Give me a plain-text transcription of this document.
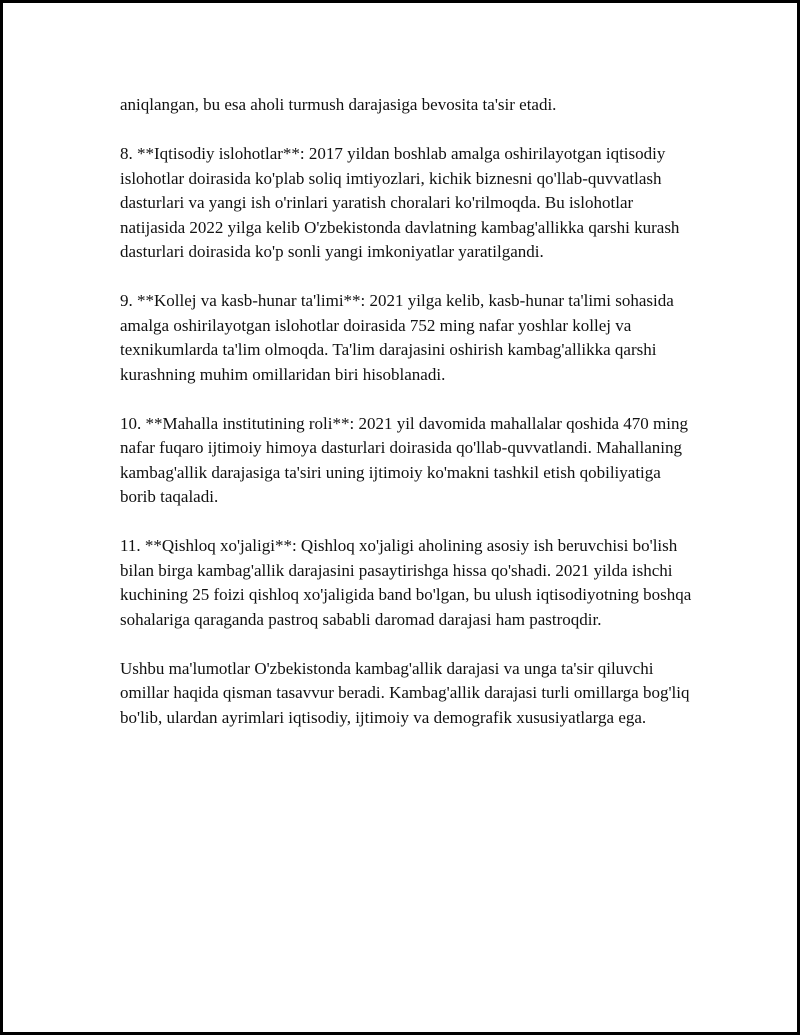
aniqlangan, bu esa aholi turmush darajasiga bevosita ta'sir etadi.

8. **Iqtisodiy islohotlar**: 2017 yildan boshlab amalga oshirilayotgan iqtisodiy islohotlar doirasida ko'plab soliq imtiyozlari, kichik biznesni qo'llab-quvvatlash dasturlari va yangi ish o'rinlari yaratish choralari ko'rilmoqda. Bu islohotlar natijasida 2022 yilga kelib O'zbekistonda davlatning kambag'allikka qarshi kurash dasturlari doirasida ko'p sonli yangi imkoniyatlar yaratilgandi.

9. **Kollej va kasb-hunar ta'limi**: 2021 yilga kelib, kasb-hunar ta'limi sohasida amalga oshirilayotgan islohotlar doirasida 752 ming nafar yoshlar kollej va texnikumlarda ta'lim olmoqda. Ta'lim darajasini oshirish kambag'allikka qarshi kurashning muhim omillaridan biri hisoblanadi.

10. **Mahalla institutining roli**: 2021 yil davomida mahallalar qoshida 470 ming nafar fuqaro ijtimoiy himoya dasturlari doirasida qo'llab-quvvatlandi. Mahallaning kambag'allik darajasiga ta'siri uning ijtimoiy ko'makni tashkil etish qobiliyatiga borib taqaladi.

11. **Qishloq xo'jaligi**: Qishloq xo'jaligi aholining asosiy ish beruvchisi bo'lish bilan birga kambag'allik darajasini pasaytirishga hissa qo'shadi. 2021 yilda ishchi kuchining 25 foizi qishloq xo'jaligida band bo'lgan, bu ulush iqtisodiyotning boshqa sohalariga qaraganda pastroq sababli daromad darajasi ham pastroqdir.

Ushbu ma'lumotlar O'zbekistonda kambag'allik darajasi va unga ta'sir qiluvchi omillar haqida qisman tasavvur beradi. Kambag'allik darajasi turli omillarga bog'liq bo'lib, ulardan ayrimlari iqtisodiy, ijtimoiy va demografik xususiyatlarga ega.
